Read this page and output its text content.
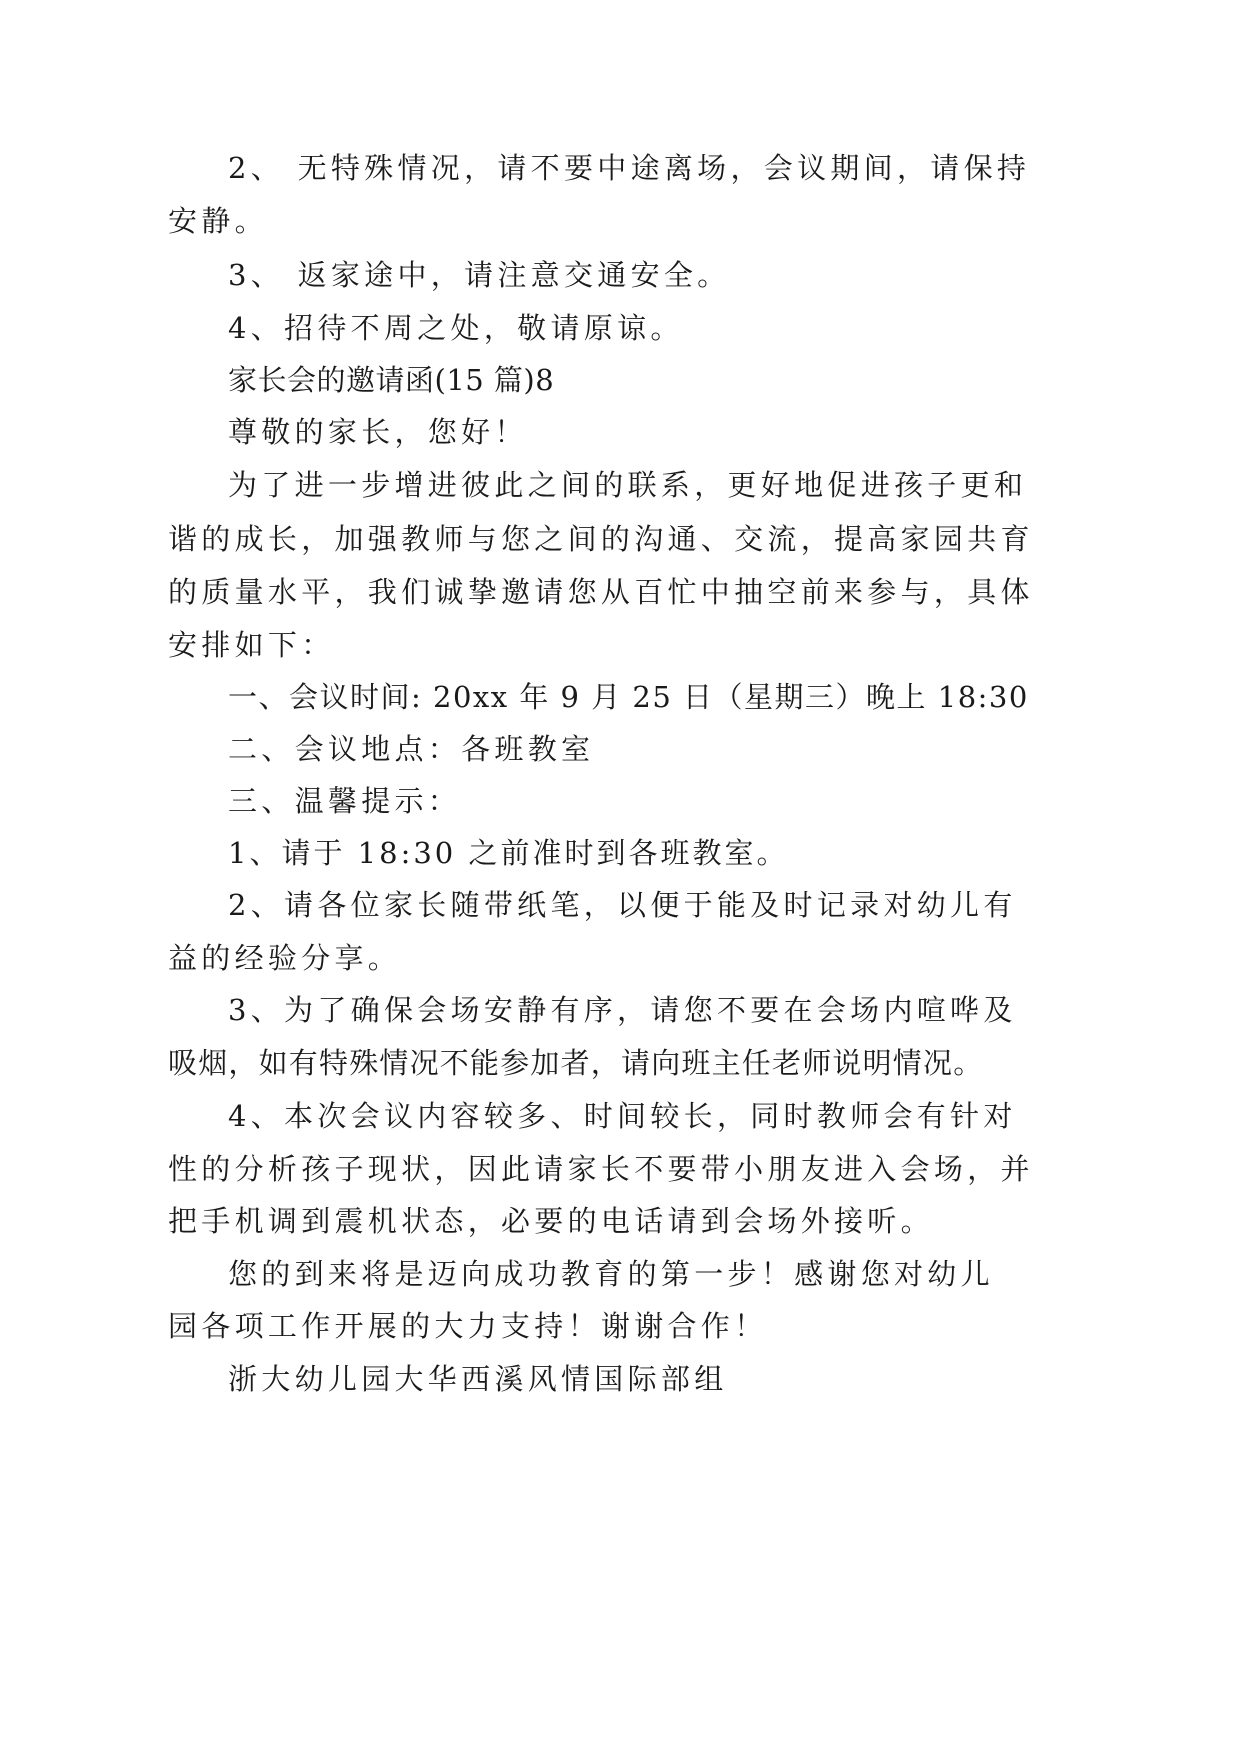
2、 无特殊情况，请不要中途离场，会议期间，请保持
安静。
3、 返家途中，请注意交通安全。
4、招待不周之处，敬请原谅。
家长会的邀请函(15 篇)8
尊敬的家长，您好！
为了进一步增进彼此之间的联系，更好地促进孩子更和
谐的成长，加强教师与您之间的沟通、交流，提高家园共育
的质量水平，我们诚挚邀请您从百忙中抽空前来参与，具体
安排如下：
一、会议时间: 20xx 年 9 月 25 日（星期三）晚上 18:30
二、会议地点：各班教室
三、温馨提示：
1、请于 18:30 之前准时到各班教室。
2、请各位家长随带纸笔，以便于能及时记录对幼儿有
益的经验分享。
3、为了确保会场安静有序，请您不要在会场内喧哗及
吸烟，如有特殊情况不能参加者，请向班主任老师说明情况。
4、本次会议内容较多、时间较长，同时教师会有针对
性的分析孩子现状，因此请家长不要带小朋友进入会场，并
把手机调到震机状态，必要的电话请到会场外接听。
您的到来将是迈向成功教育的第一步！感谢您对幼儿
园各项工作开展的大力支持！谢谢合作！
浙大幼儿园大华西溪风情国际部组
